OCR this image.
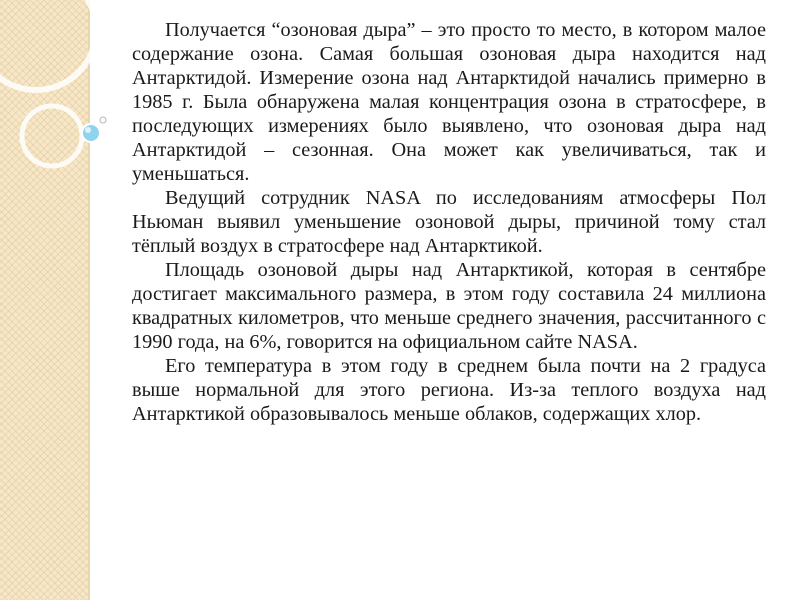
Получается “озоновая дыра” – это просто то место, в котором малое содержание озона. Самая большая озоновая дыра находится над Антарктидой. Измерение озона над Антарктидой начались примерно в 1985 г. Была обнаружена малая концентрация озона в стратосфере, в последующих измерениях было выявлено, что озоновая дыра над Антарктидой – сезонная. Она может как увеличиваться, так и уменьшаться.

Ведущий сотрудник NASA по исследованиям атмосферы Пол Ньюман выявил уменьшение озоновой дыры, причиной тому стал тёплый воздух в стратосфере над Антарктикой.

Площадь озоновой дыры над Антарктикой, которая в сентябре достигает максимального размера, в этом году составила 24 миллиона квадратных километров, что меньше среднего значения, рассчитанного с 1990 года, на 6%, говорится на официальном сайте NASA.

Его температура в этом году в среднем была почти на 2 градуса выше нормальной для этого региона. Из-за теплого воздуха над Антарктикой образовывалось меньше облаков, содержащих хлор.
